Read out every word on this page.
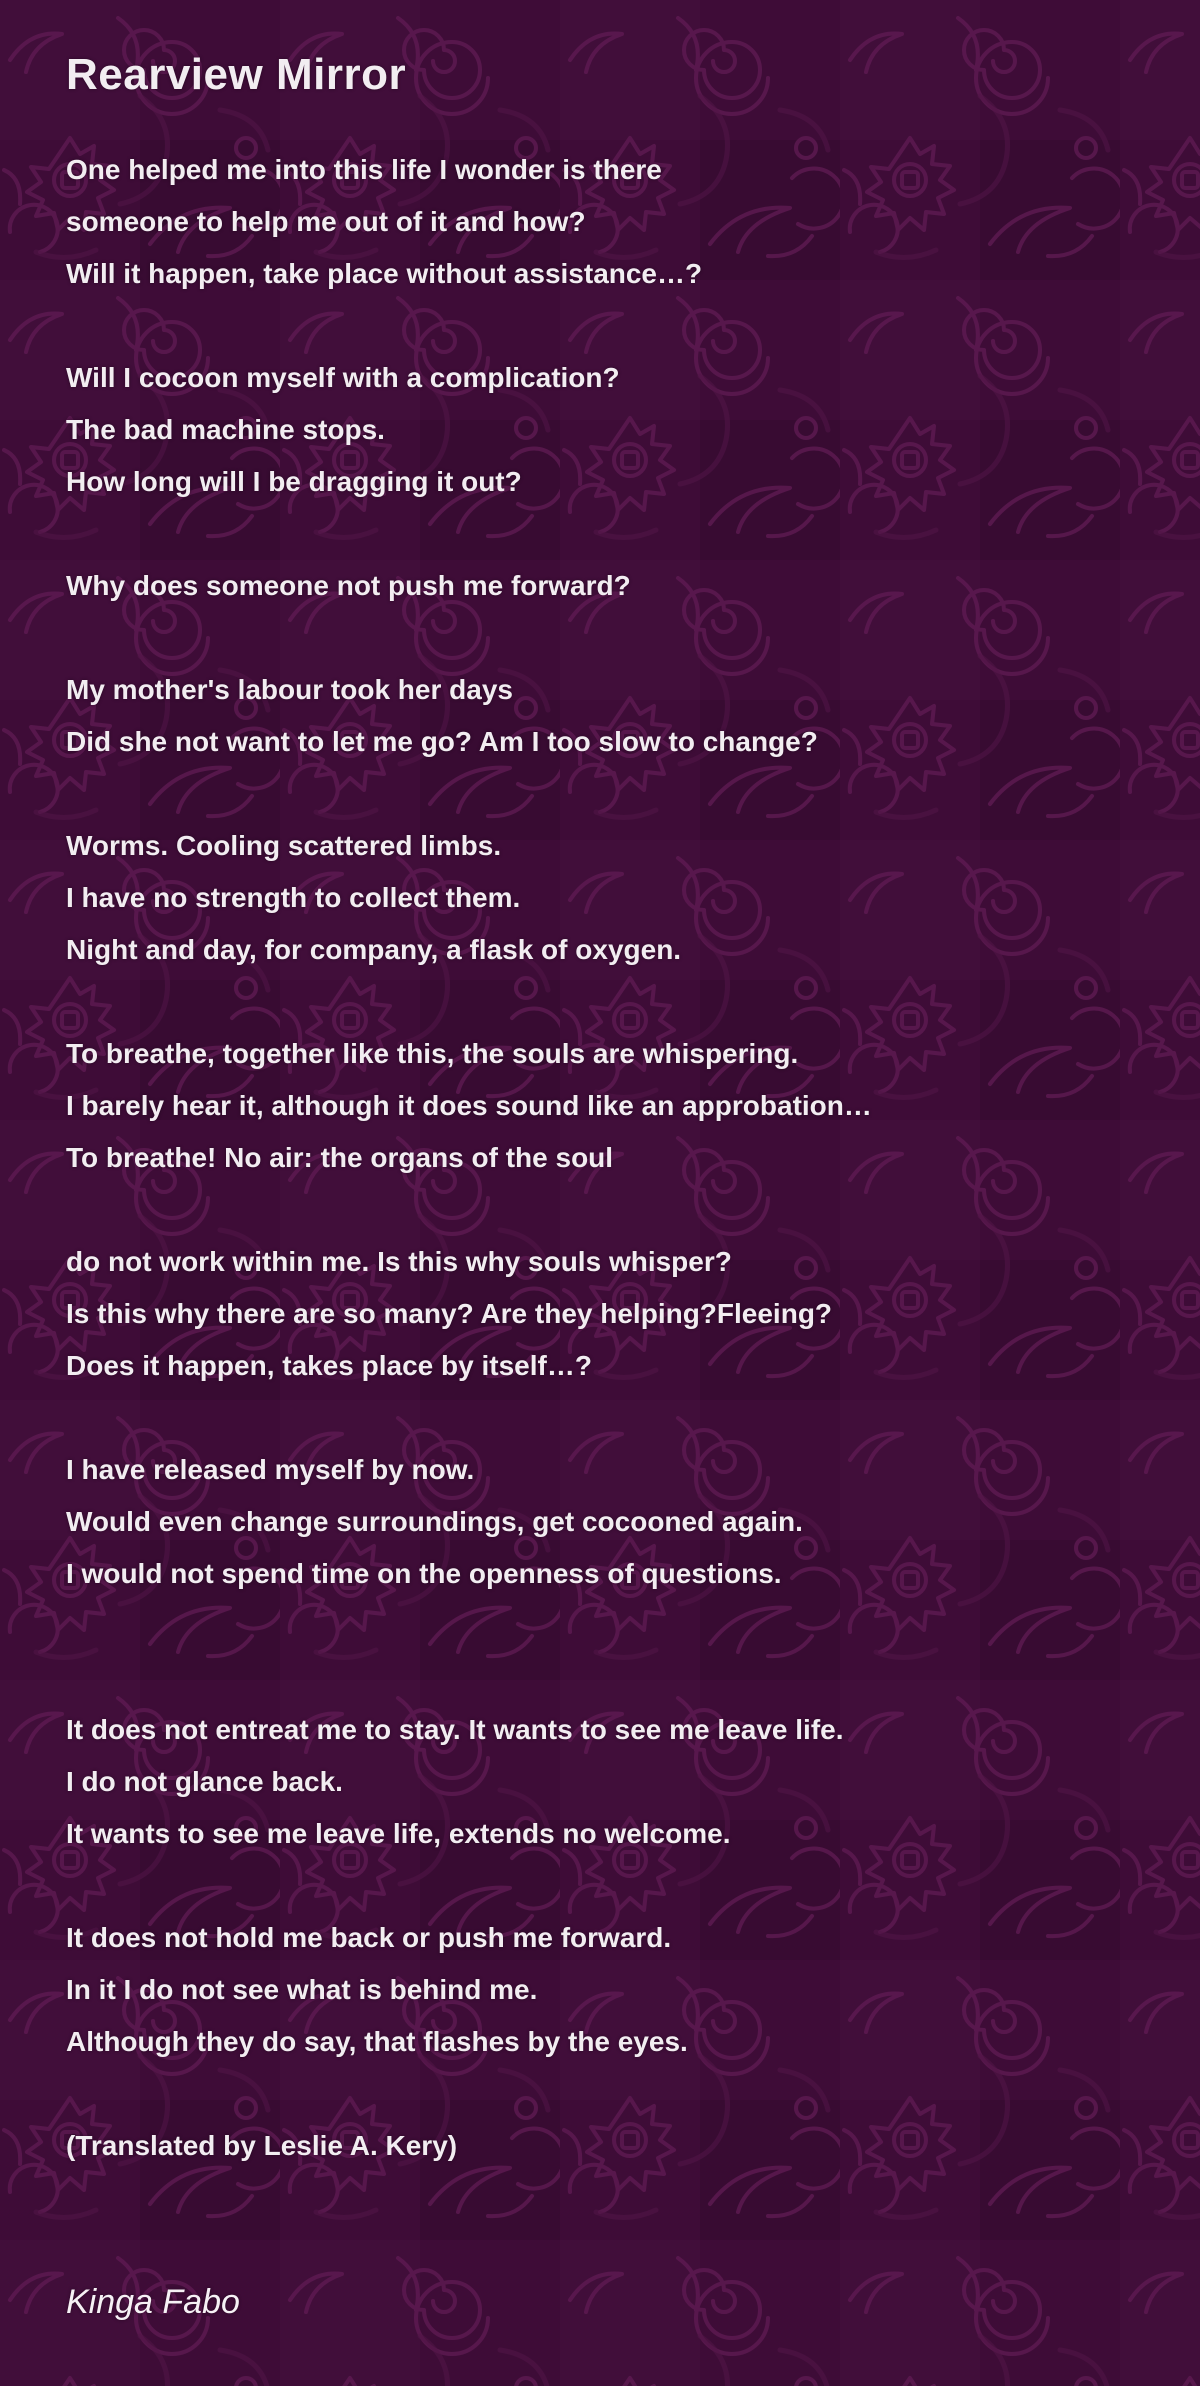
Rearview Mirror
One helped me into this life I wonder is there
someone to help me out of it and how?
Will it happen, take place without assistance…?
Will I cocoon myself with a complication?
The bad machine stops.
How long will I be dragging it out?
Why does someone not push me forward?
My mother's labour took her days
Did she not want to let me go? Am I too slow to change?
Worms. Cooling scattered limbs.
I have no strength to collect them.
Night and day, for company, a flask of oxygen.
To breathe, together like this, the souls are whispering.
I barely hear it, although it does sound like an approbation…
To breathe! No air: the organs of the soul
do not work within me. Is this why souls whisper?
Is this why there are so many? Are they helping?Fleeing?
Does it happen, takes place by itself…?
I have released myself by now.
Would even change surroundings, get cocooned again.
I would not spend time on the openness of questions.
It does not entreat me to stay. It wants to see me leave life.
I do not glance back.
It wants to see me leave life, extends no welcome.
It does not hold me back or push me forward.
In it I do not see what is behind me.
Although they do say, that flashes by the eyes.

(Translated by Leslie A. Kery)

Kinga Fabo
